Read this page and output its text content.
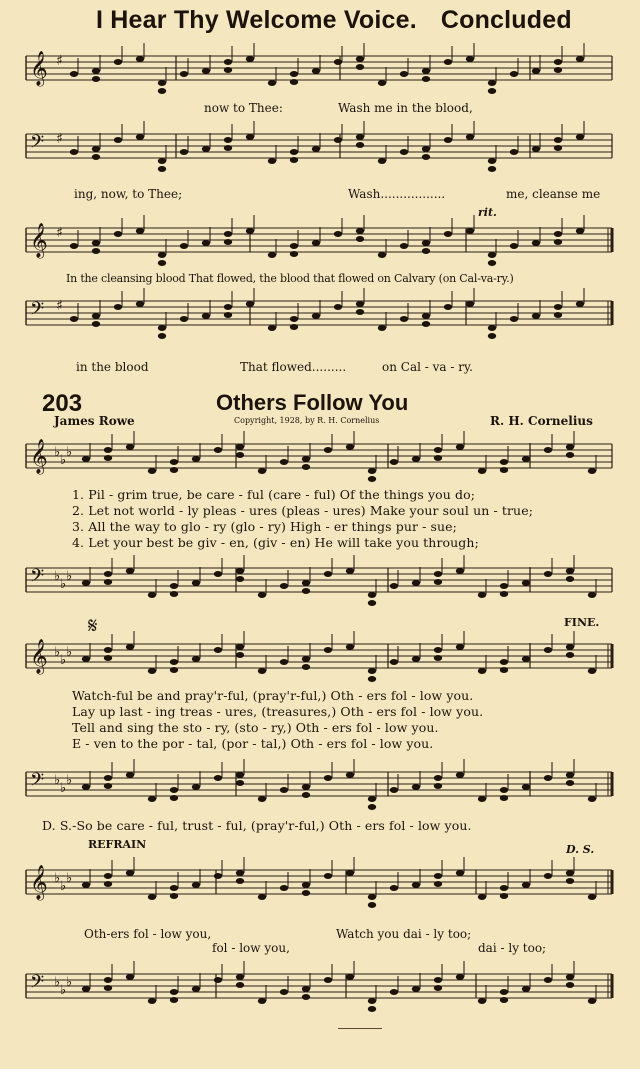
I Hear Thy Welcome Voice. Concluded
𝄞 ♯
now to Thee:	Wash me in the blood,
𝄢 ♯
ing, now, to Thee;	Wash.................	me, cleanse me
rit.
𝄞 ♯
In the cleansing blood That flowed, the blood that flowed on Calvary (on Cal-va-ry.)
𝄢 ♯
in the blood	That flowed.........	on Cal - va - ry.
203	Others Follow You
James Rowe	Copyright, 1928, by R. H. Cornelius	R. H. Cornelius
𝄞 ♭
♭
♭
1. Pil - grim true, be care - ful (care - ful) Of the things you do;
2. Let not world - ly pleas - ures (pleas - ures) Make your soul un - true;
3. All the way to glo - ry (glo - ry) High - er things pur - sue;
4. Let your best be giv - en, (giv - en) He will take you through;
𝄢 ♭
♭
♭
𝄋	FINE.
𝄞 ♭
♭
♭
Watch-ful be and pray'r-ful, (pray'r-ful,) Oth - ers fol - low you.
Lay up last - ing treas - ures, (treasures,) Oth - ers fol - low you.
Tell and sing the sto - ry, (sto - ry,) Oth - ers fol - low you.
E - ven to the por - tal, (por - tal,) Oth - ers fol - low you.
𝄢 ♭
♭
♭
D. S.-So be care - ful, trust - ful, (pray'r-ful,) Oth - ers fol - low you.
REFRAIN	D. S.
𝄞 ♭
♭
♭
Oth-ers fol - low you,	Watch you dai - ly too;
fol - low you,	dai - ly too;
𝄢 ♭
♭
♭
